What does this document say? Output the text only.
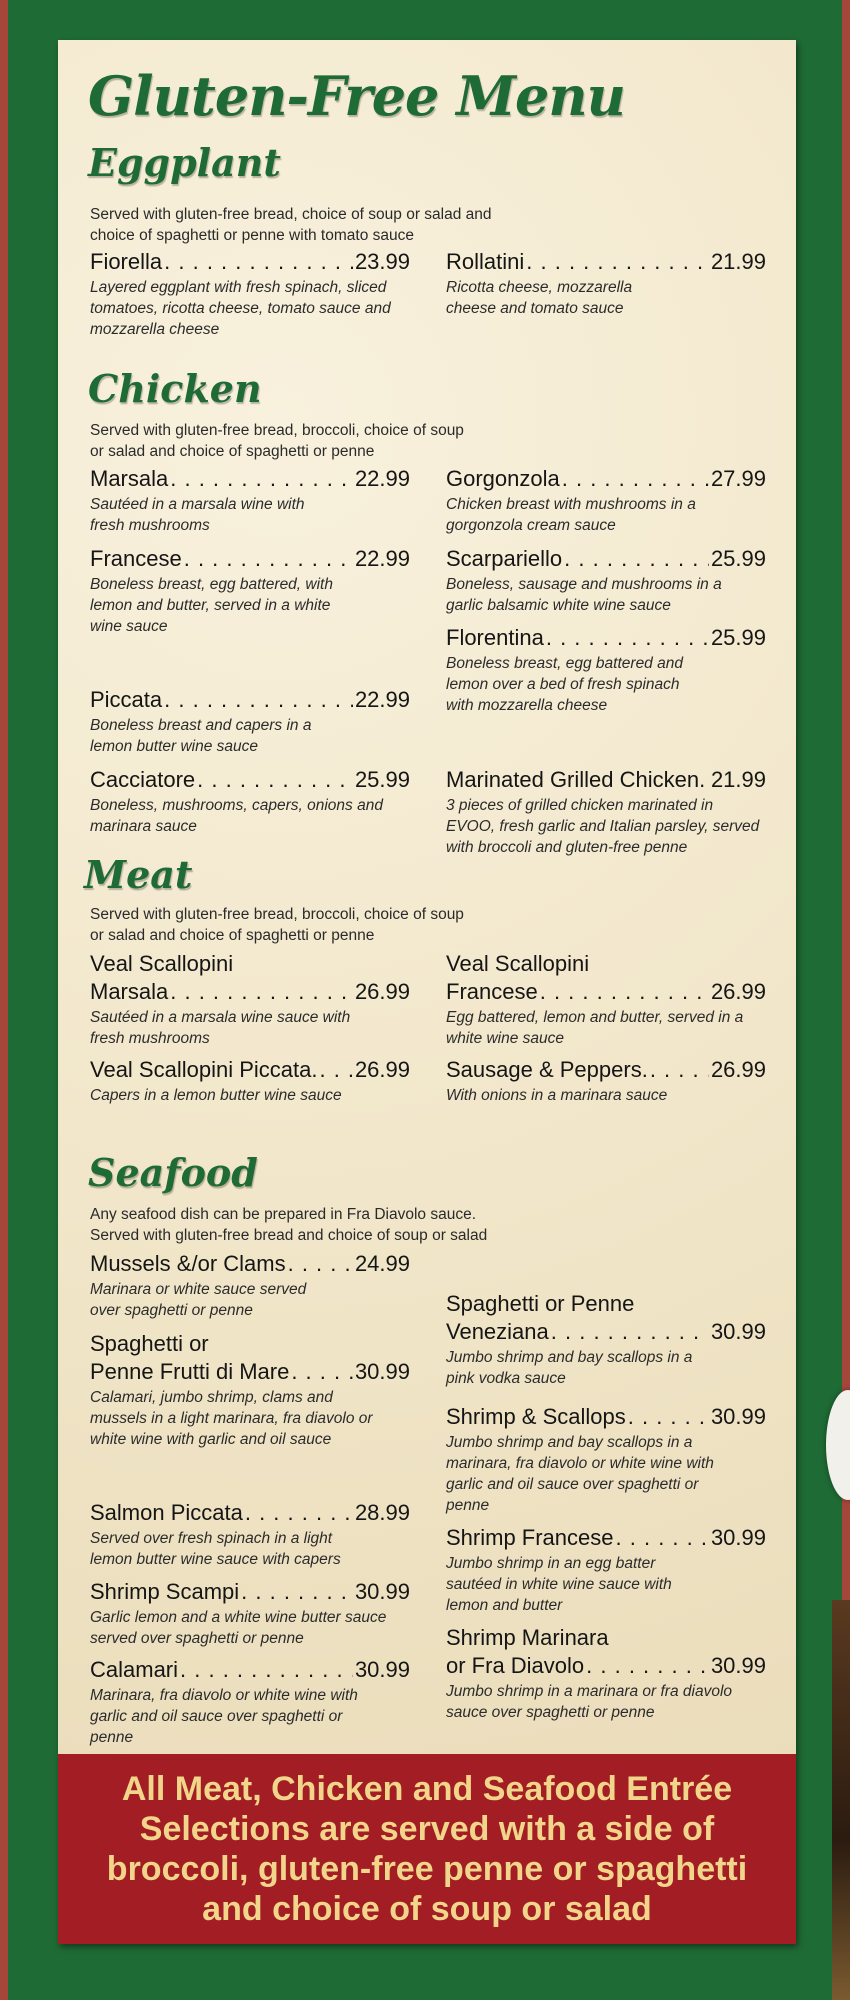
Gluten-Free Menu
Eggplant
Served with gluten-free bread, choice of soup or salad and
choice of spaghetti or penne with tomato sauce
Fiorella . . .	23.99
Layered eggplant with fresh spinach, sliced tomatoes, ricotta cheese, tomato sauce and mozzarella cheese
Rollatini . . .	21.99
Ricotta cheese, mozzarella cheese and tomato sauce
Chicken
Served with gluten-free bread, broccoli, choice of soup
or salad and choice of spaghetti or penne
Marsala . . .	22.99
Sautéed in a marsala wine with fresh mushrooms
Francese . . .	22.99
Boneless breast, egg battered, with lemon and butter, served in a white wine sauce
Piccata . . .	22.99
Boneless breast and capers in a lemon butter wine sauce
Cacciatore . . .	25.99
Boneless, mushrooms, capers, onions and marinara sauce
Gorgonzola . . .	27.99
Chicken breast with mushrooms in a gorgonzola cream sauce
Scarpariello . . .	25.99
Boneless, sausage and mushrooms in a garlic balsamic white wine sauce
Florentina . . .	25.99
Boneless breast, egg battered and lemon over a bed of fresh spinach with mozzarella cheese
Marinated Grilled Chicken. . . . 21.99
3 pieces of grilled chicken marinated in EVOO, fresh garlic and Italian parsley, served with broccoli and gluten-free penne
Meat
Served with gluten-free bread, broccoli, choice of soup
or salad and choice of spaghetti or penne
Veal Scallopini
Marsala . . .	26.99
Sautéed in a marsala wine sauce with fresh mushrooms
Veal Scallopini Piccata. . . . 26.99
Capers in a lemon butter wine sauce
Veal Scallopini
Francese . . .	26.99
Egg battered, lemon and butter, served in a white wine sauce
Sausage & Peppers. . . .	26.99
With onions in a marinara sauce
Seafood
Any seafood dish can be prepared in Fra Diavolo sauce.
Served with gluten-free bread and choice of soup or salad
Mussels &/or Clams . . .	24.99
Marinara or white sauce served over spaghetti or penne
Spaghetti or
Penne Frutti di Mare . . .	30.99
Calamari, jumbo shrimp, clams and mussels in a light marinara, fra diavolo or white wine with garlic and oil sauce
Salmon Piccata . . .	28.99
Served over fresh spinach in a light lemon butter wine sauce with capers
Shrimp Scampi . . .	30.99
Garlic lemon and a white wine butter sauce served over spaghetti or penne
Calamari . . .	30.99
Marinara, fra diavolo or white wine with garlic and oil sauce over spaghetti or penne
Spaghetti or Penne
Veneziana . . .	30.99
Jumbo shrimp and bay scallops in a pink vodka sauce
Shrimp & Scallops . . .	30.99
Jumbo shrimp and bay scallops in a marinara, fra diavolo or white wine with garlic and oil sauce over spaghetti or penne
Shrimp Francese . . .	30.99
Jumbo shrimp in an egg batter sautéed in white wine sauce with lemon and butter
Shrimp Marinara
or Fra Diavolo . . .	30.99
Jumbo shrimp in a marinara or fra diavolo sauce over spaghetti or penne
All Meat, Chicken and Seafood Entrée Selections are served with a side of broccoli, gluten-free penne or spaghetti and choice of soup or salad
